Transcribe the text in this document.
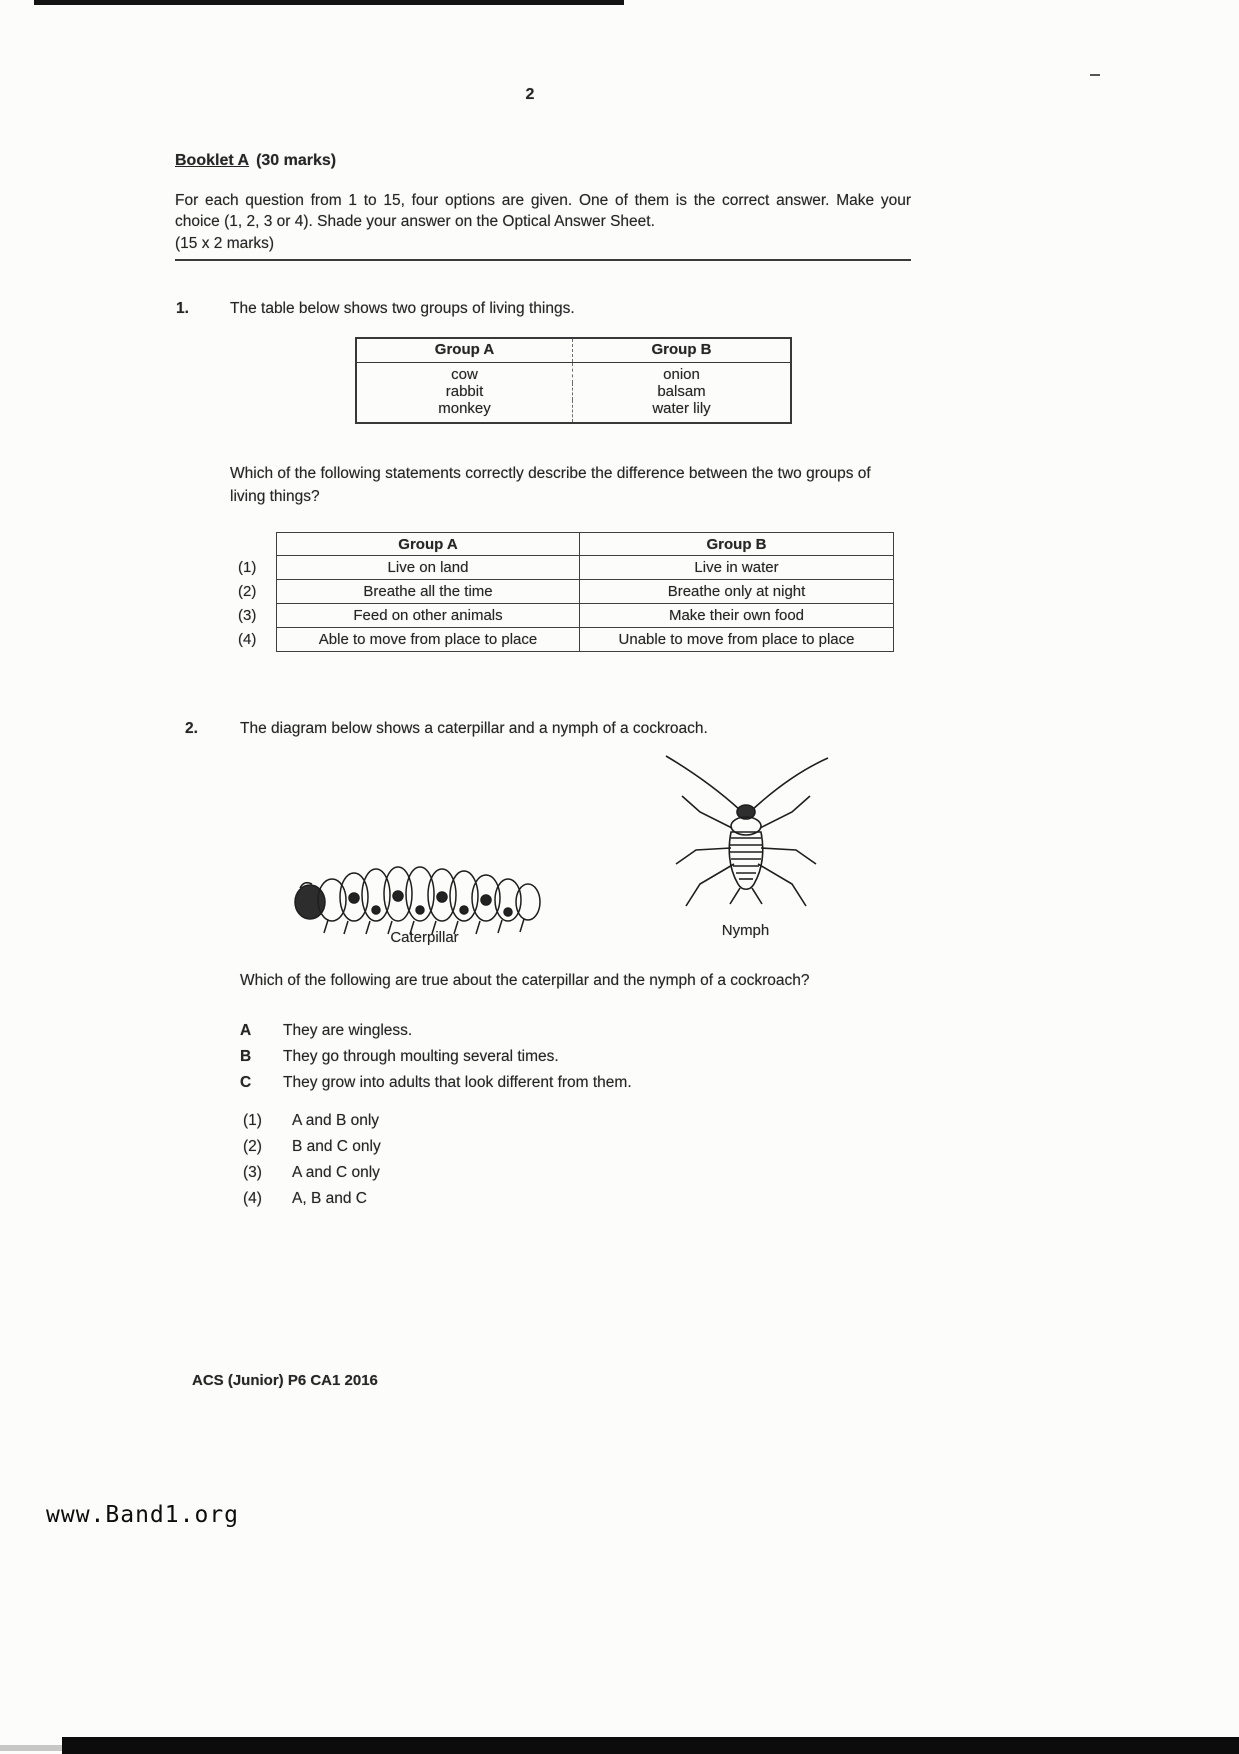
2
Booklet A (30 marks)
For each question from 1 to 15, four options are given. One of them is the correct answer. Make your choice (1, 2, 3 or 4). Shade your answer on the Optical Answer Sheet.
(15 x 2 marks)
1.	The table below shows two groups of living things.
Group A	Group B
cow	onion
rabbit	balsam
monkey	water lily
Which of the following statements correctly describe the difference between the two groups of living things?
Group A	Group B
(1)	Live on land	Live in water
(2)	Breathe all the time	Breathe only at night
(3)	Feed on other animals	Make their own food
(4)	Able to move from place to place	Unable to move from place to place
2.	The diagram below shows a caterpillar and a nymph of a cockroach.
Caterpillar	Nymph
Which of the following are true about the caterpillar and the nymph of a cockroach?
A	They are wingless.
B	They go through moulting several times.
C	They grow into adults that look different from them.
(1)	A and B only
(2)	B and C only
(3)	A and C only
(4)	A, B and C
ACS (Junior) P6 CA1 2016
www.Band1.org
